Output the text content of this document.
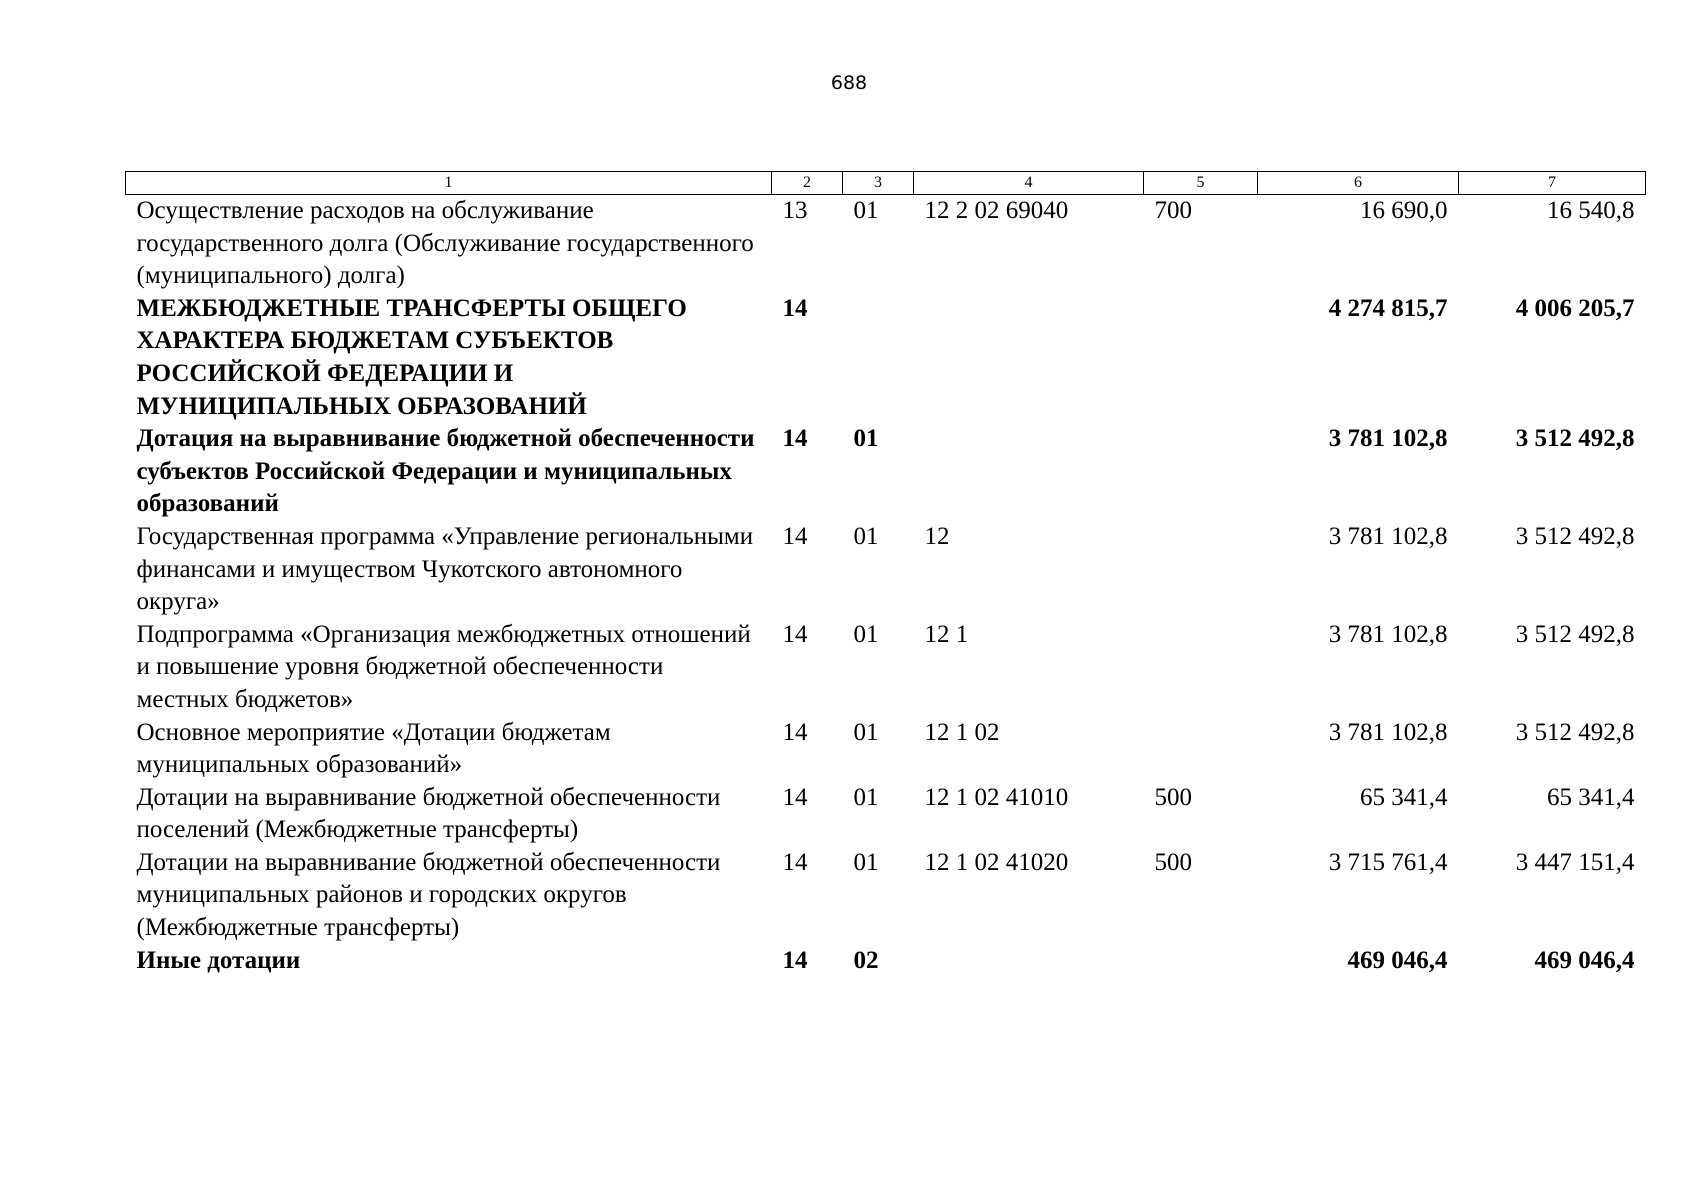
688
1	2	3	4	5	6	7
Осуществление расходов на обслуживание государственного долга (Обслуживание государственного (муниципального) долга)	13	01	12 2 02 69040	700	16 690,0	16 540,8
МЕЖБЮДЖЕТНЫЕ ТРАНСФЕРТЫ ОБЩЕГО ХАРАКТЕРА БЮДЖЕТАМ СУБЪЕКТОВ РОССИЙСКОЙ ФЕДЕРАЦИИ И МУНИЦИПАЛЬНЫХ ОБРАЗОВАНИЙ	14				4 274 815,7	4 006 205,7
Дотация на выравнивание бюджетной обеспеченности субъектов Российской Федерации и муниципальных образований	14	01			3 781 102,8	3 512 492,8
Государственная программа «Управление региональными финансами и имуществом Чукотского автономного округа»	14	01	12		3 781 102,8	3 512 492,8
Подпрограмма «Организация межбюджетных отношений и повышение уровня бюджетной обеспеченности местных бюджетов»	14	01	12 1		3 781 102,8	3 512 492,8
Основное мероприятие «Дотации бюджетам муниципальных образований»	14	01	12 1 02		3 781 102,8	3 512 492,8
Дотации на выравнивание бюджетной обеспеченности поселений (Межбюджетные трансферты)	14	01	12 1 02 41010	500	65 341,4	65 341,4
Дотации на выравнивание бюджетной обеспеченности муниципальных районов и городских округов (Межбюджетные трансферты)	14	01	12 1 02 41020	500	3 715 761,4	3 447 151,4
Иные дотации	14	02			469 046,4	469 046,4
